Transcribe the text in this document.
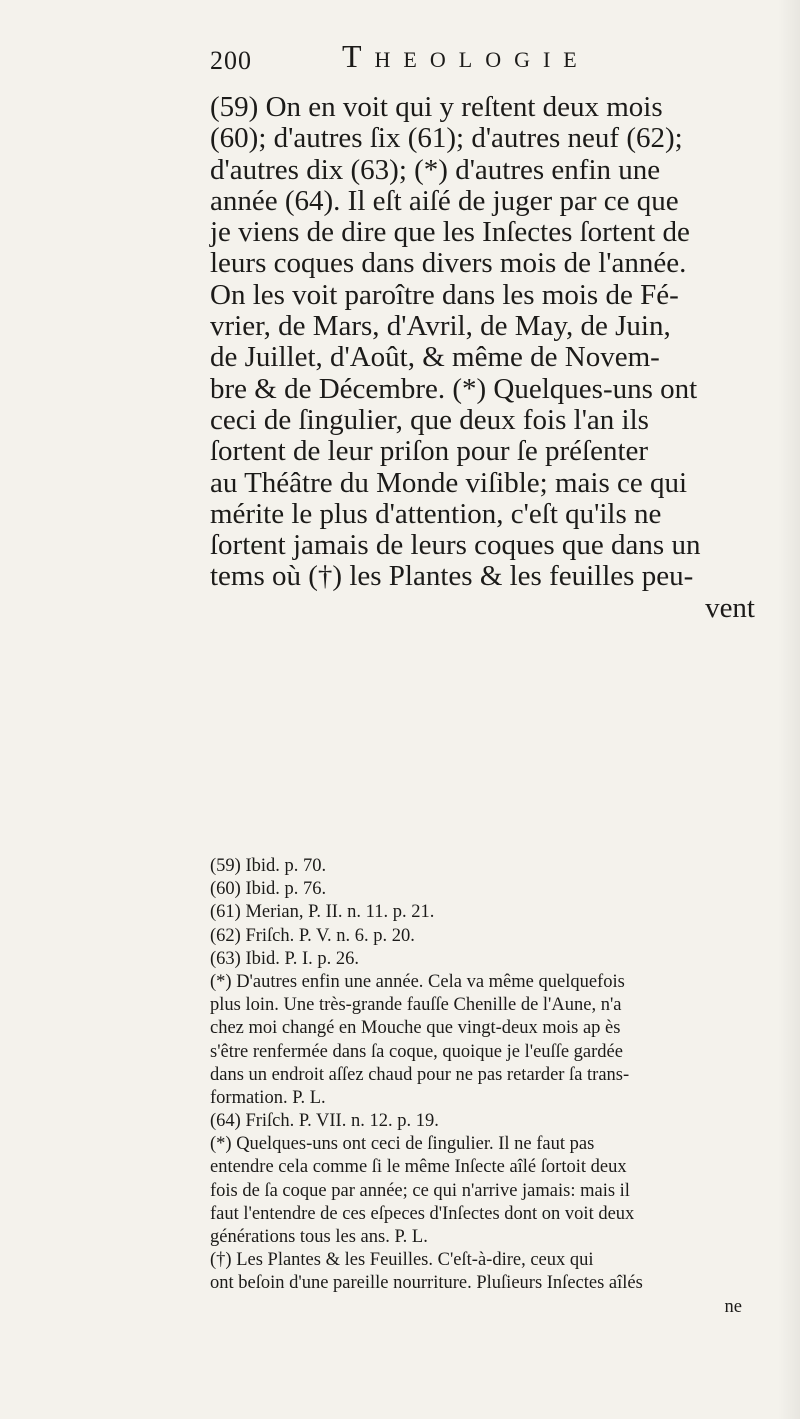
200	Theologie
(59) On en voit qui y reſtent deux mois
(60); d'autres ſix (61); d'autres neuf (62);
d'autres dix (63); (*) d'autres enfin une
année (64). Il eſt aiſé de juger par ce que
je viens de dire que les Inſectes ſortent de
leurs coques dans divers mois de l'année.
On les voit paroître dans les mois de Fé-
vrier, de Mars, d'Avril, de May, de Juin,
de Juillet, d'Août, & même de Novem-
bre & de Décembre. (*) Quelques-uns ont
ceci de ſingulier, que deux fois l'an ils
ſortent de leur priſon pour ſe préſenter
au Théâtre du Monde viſible; mais ce qui
mérite le plus d'attention, c'eſt qu'ils ne
ſortent jamais de leurs coques que dans un
tems où (†) les Plantes & les feuilles peu-
vent
(59) Ibid. p. 70.
(60) Ibid. p. 76.
(61) Merian, P. II. n. 11. p. 21.
(62) Friſch. P. V. n. 6. p. 20.
(63) Ibid. P. I. p. 26.
(*) D'autres enfin une année. Cela va même quelquefois
plus loin. Une très-grande fauſſe Chenille de l'Aune, n'a
chez moi changé en Mouche que vingt-deux mois ap ès
s'être renfermée dans ſa coque, quoique je l'euſſe gardée
dans un endroit aſſez chaud pour ne pas retarder ſa trans-
formation. P. L.
(64) Friſch. P. VII. n. 12. p. 19.
(*) Quelques-uns ont ceci de ſingulier. Il ne faut pas
entendre cela comme ſi le même Inſecte aîlé ſortoit deux
fois de ſa coque par année; ce qui n'arrive jamais: mais il
faut l'entendre de ces eſpeces d'Inſectes dont on voit deux
générations tous les ans. P. L.
(†) Les Plantes & les Feuilles. C'eſt-à-dire, ceux qui
ont beſoin d'une pareille nourriture. Pluſieurs Inſectes aîlés
ne
